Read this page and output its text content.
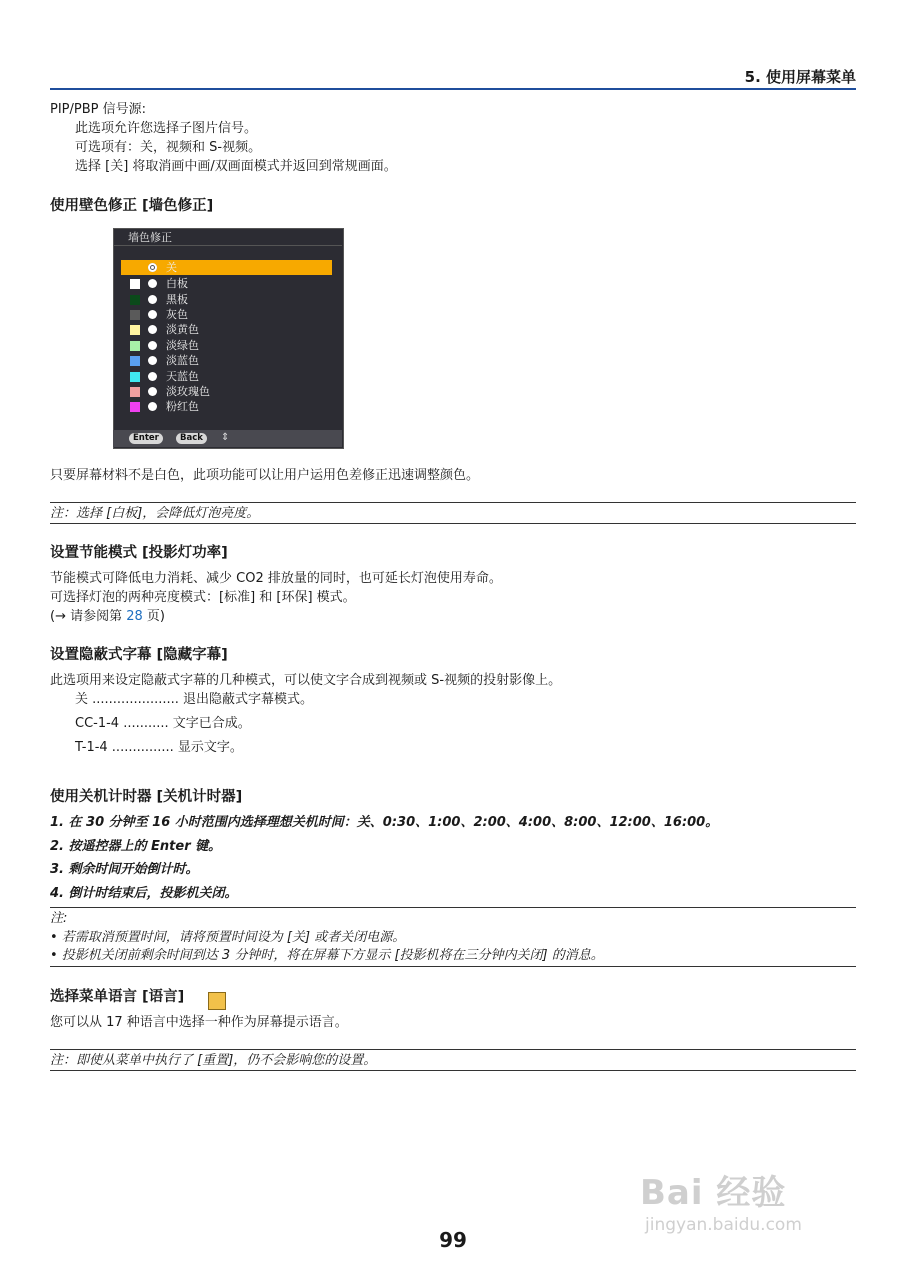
5. 使用屏幕菜单
PIP/PBP 信号源:
此选项允许您选择子图片信号。
可选项有：关，视频和 S-视频。
选择 [关] 将取消画中画/双画面模式并返回到常规画面。
使用壁色修正 [墙色修正]
墙色修正
关
白板
黑板
灰色
淡黄色
淡绿色
淡蓝色
天蓝色
淡玫瑰色
粉红色
Enter	Back	⇕
只要屏幕材料不是白色，此项功能可以让用户运用色差修正迅速调整颜色。
注：选择 [白板]，会降低灯泡亮度。
设置节能模式 [投影灯功率]
节能模式可降低电力消耗、减少 CO2 排放量的同时，也可延长灯泡使用寿命。
可选择灯泡的两种亮度模式：[标准] 和 [环保] 模式。
(→ 请参阅第 28 页)
设置隐蔽式字幕 [隐藏字幕]
此选项用来设定隐蔽式字幕的几种模式，可以使文字合成到视频或 S-视频的投射影像上。
关 ..................... 退出隐蔽式字幕模式。
CC-1-4 ........... 文字已合成。
T-1-4 ............... 显示文字。
使用关机计时器 [关机计时器]
1. 在 30 分钟至 16 小时范围内选择理想关机时间：关、0:30、1:00、2:00、4:00、8:00、12:00、16:00。
2. 按遥控器上的 Enter 键。
3. 剩余时间开始倒计时。
4. 倒计时结束后，投影机关闭。
注:
• 若需取消预置时间，请将预置时间设为 [关] 或者关闭电源。
• 投影机关闭前剩余时间到达 3 分钟时，将在屏幕下方显示 [投影机将在三分钟内关闭] 的消息。
选择菜单语言 [语言]
您可以从 17 种语言中选择一种作为屏幕提示语言。
注：即使从菜单中执行了 [重置]，仍不会影响您的设置。
Bai 经验
jingyan.baidu.com
99
